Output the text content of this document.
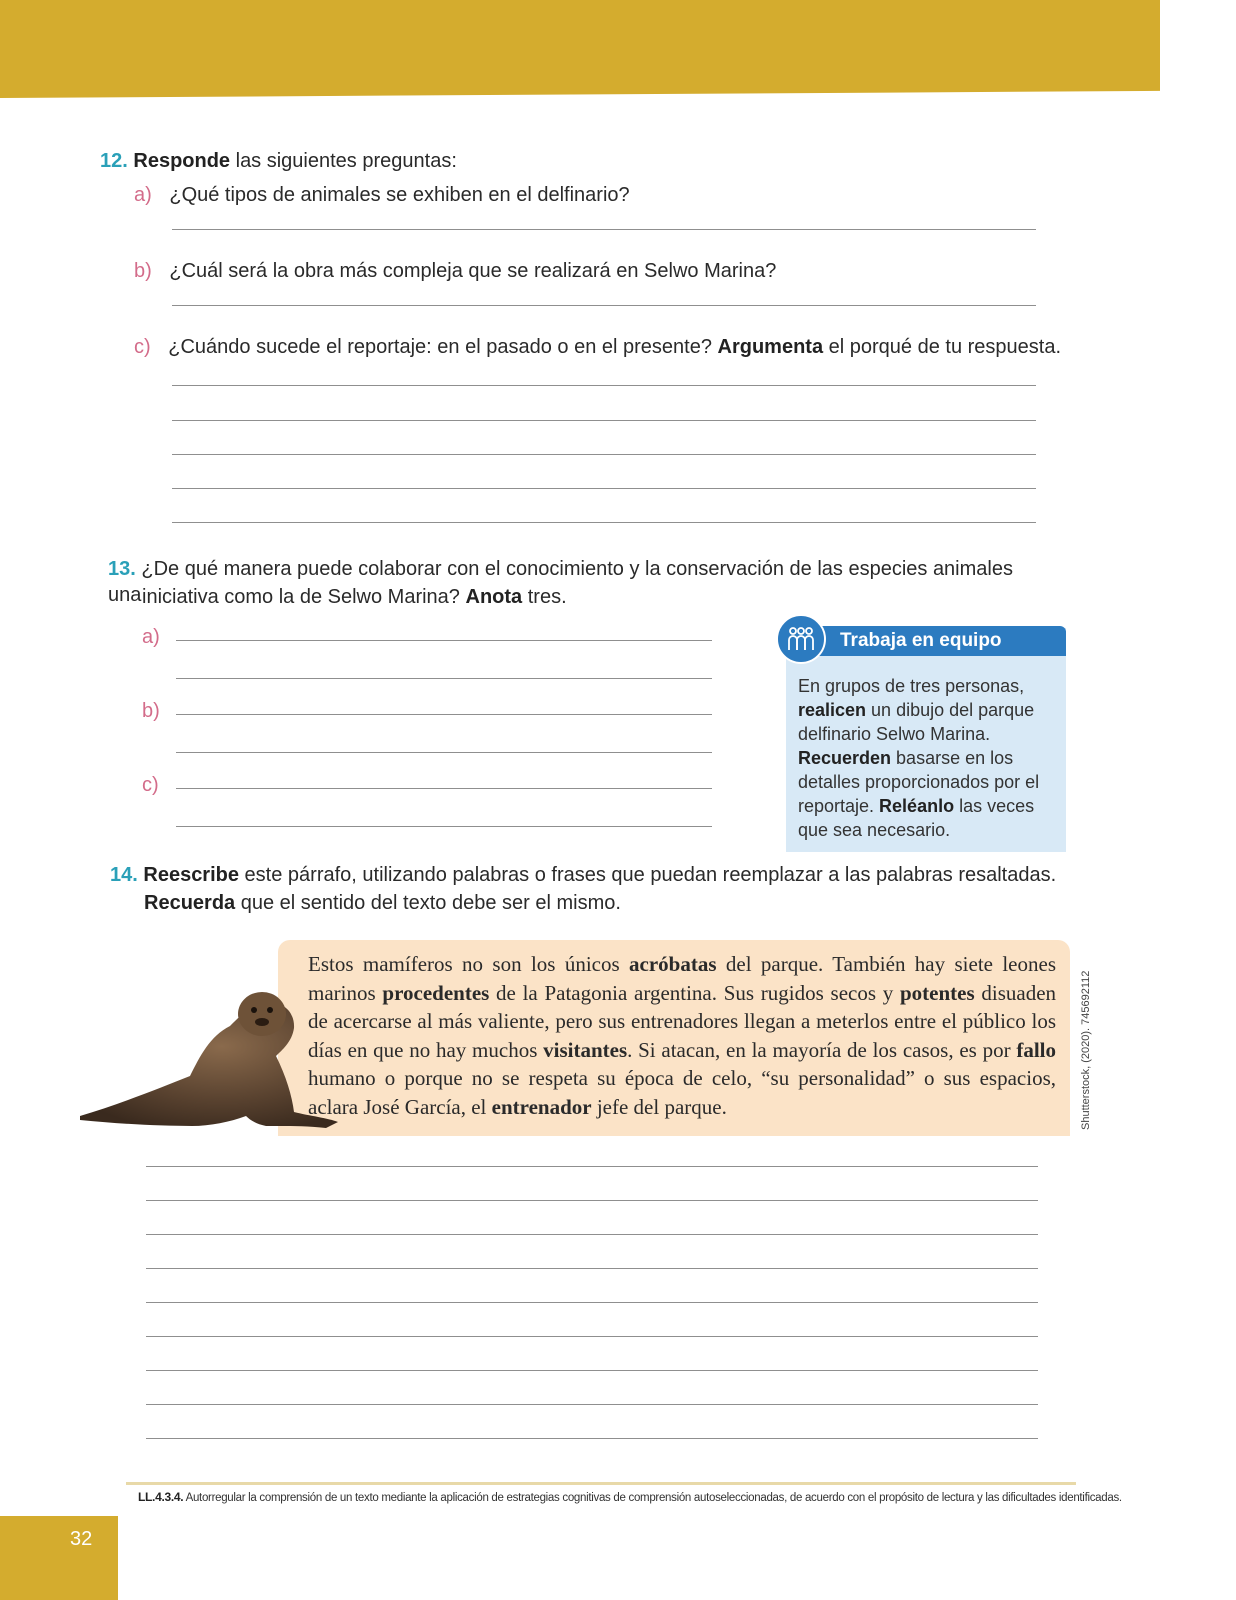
12. Responde las siguientes preguntas:
a) ¿Qué tipos de animales se exhiben en el delfinario?
b) ¿Cuál será la obra más compleja que se realizará en Selwo Marina?
c) ¿Cuándo sucede el reportaje: en el pasado o en el presente? Argumenta el porqué de tu respuesta.
13. ¿De qué manera puede colaborar con el conocimiento y la conservación de las especies animales una iniciativa como la de Selwo Marina? Anota tres.
a)
b)
c)
Trabaja en equipo
En grupos de tres personas, realicen un dibujo del parque delfinario Selwo Marina. Recuerden basarse en los detalles proporcionados por el reportaje. Reléanlo las veces que sea necesario.
14. Reescribe este párrafo, utilizando palabras o frases que puedan reemplazar a las palabras resaltadas.
Recuerda que el sentido del texto debe ser el mismo.
Estos mamíferos no son los únicos acróbatas del parque. También hay siete leones marinos procedentes de la Patagonia argentina. Sus rugidos secos y potentes disuaden de acercarse al más valiente, pero sus entrenadores llegan a meterlos entre el público los días en que no hay muchos visitantes. Si atacan, en la mayoría de los casos, es por fallo humano o porque no se respeta su época de celo, “su personalidad” o sus espacios, aclara José García, el entrenador jefe del parque.	Shutterstock, (2020). 745692112
LL.4.3.4. Autorregular la comprensión de un texto mediante la aplicación de estrategias cognitivas de comprensión autoseleccionadas, de acuerdo con el propósito de lectura y las dificultades identificadas.
32
